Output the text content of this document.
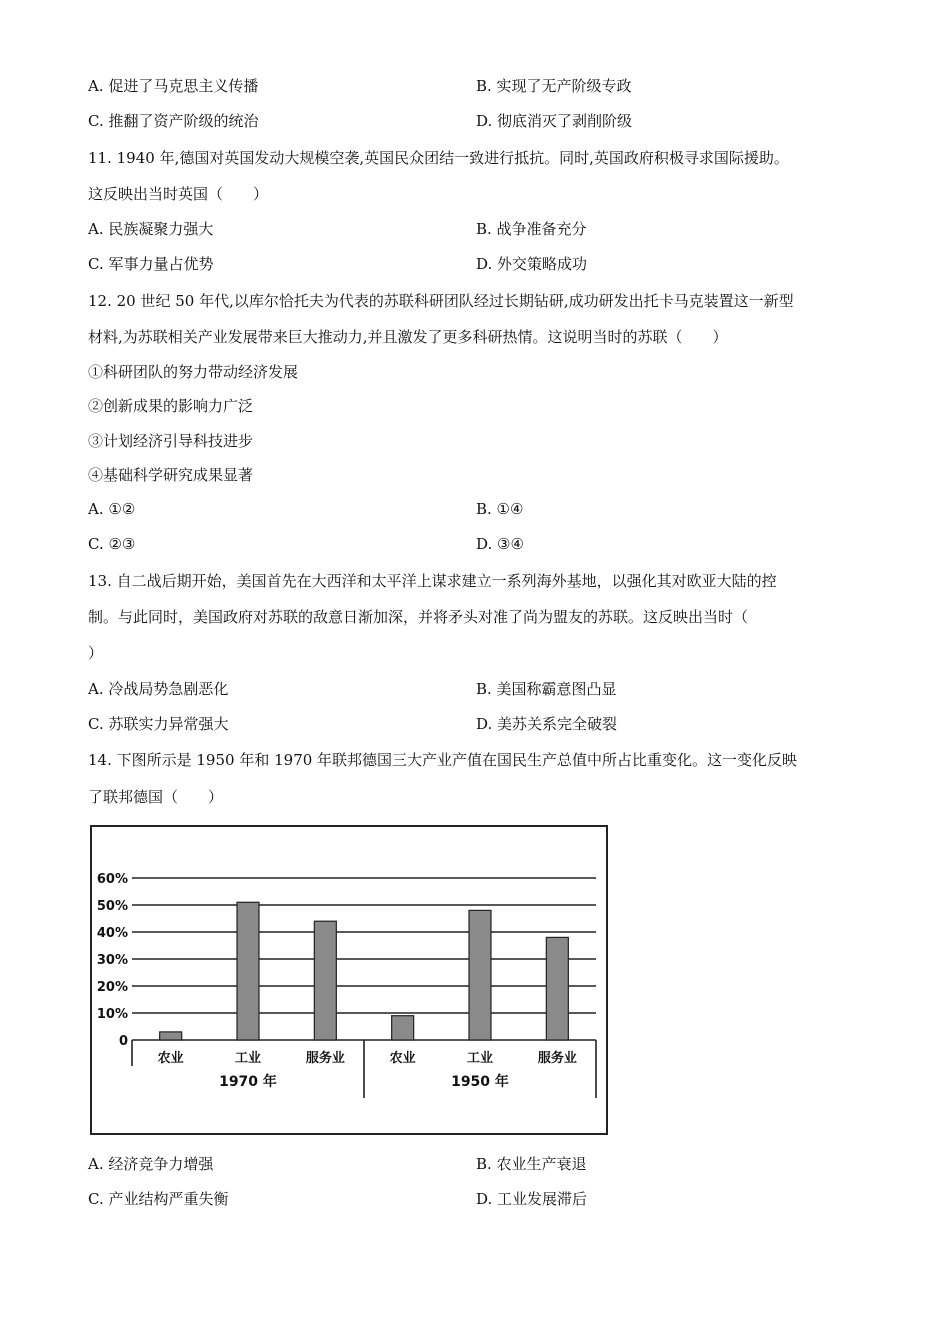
A. 促进了马克思主义传播	B. 实现了无产阶级专政
C. 推翻了资产阶级的统治	D. 彻底消灭了剥削阶级
11. 1940 年,德国对英国发动大规模空袭,英国民众团结一致进行抵抗。同时,英国政府积极寻求国际援助。
这反映出当时英国（　　）
A. 民族凝聚力强大	B. 战争准备充分
C. 军事力量占优势	D. 外交策略成功
12. 20 世纪 50 年代,以库尔恰托夫为代表的苏联科研团队经过长期钻研,成功研发出托卡马克装置这一新型
材料,为苏联相关产业发展带来巨大推动力,并且激发了更多科研热情。这说明当时的苏联（　　）
①科研团队的努力带动经济发展
②创新成果的影响力广泛
③计划经济引导科技进步
④基础科学研究成果显著
A. ①②	B. ①④
C. ②③	D. ③④
13. 自二战后期开始，美国首先在大西洋和太平洋上谋求建立一系列海外基地，以强化其对欧亚大陆的控
制。与此同时，美国政府对苏联的敌意日渐加深，并将矛头对准了尚为盟友的苏联。这反映出当时（
）
A. 冷战局势急剧恶化	B. 美国称霸意图凸显
C. 苏联实力异常强大	D. 美苏关系完全破裂
14. 下图所示是 1950 年和 1970 年联邦德国三大产业产值在国民生产总值中所占比重变化。这一变化反映
了联邦德国（　　）
60%
50%
40%
30%
20%
10%
0
农业	工业	服务业
1970 年
农业	工业	服务业
1950 年
A. 经济竞争力增强	B. 农业生产衰退
C. 产业结构严重失衡	D. 工业发展滞后
